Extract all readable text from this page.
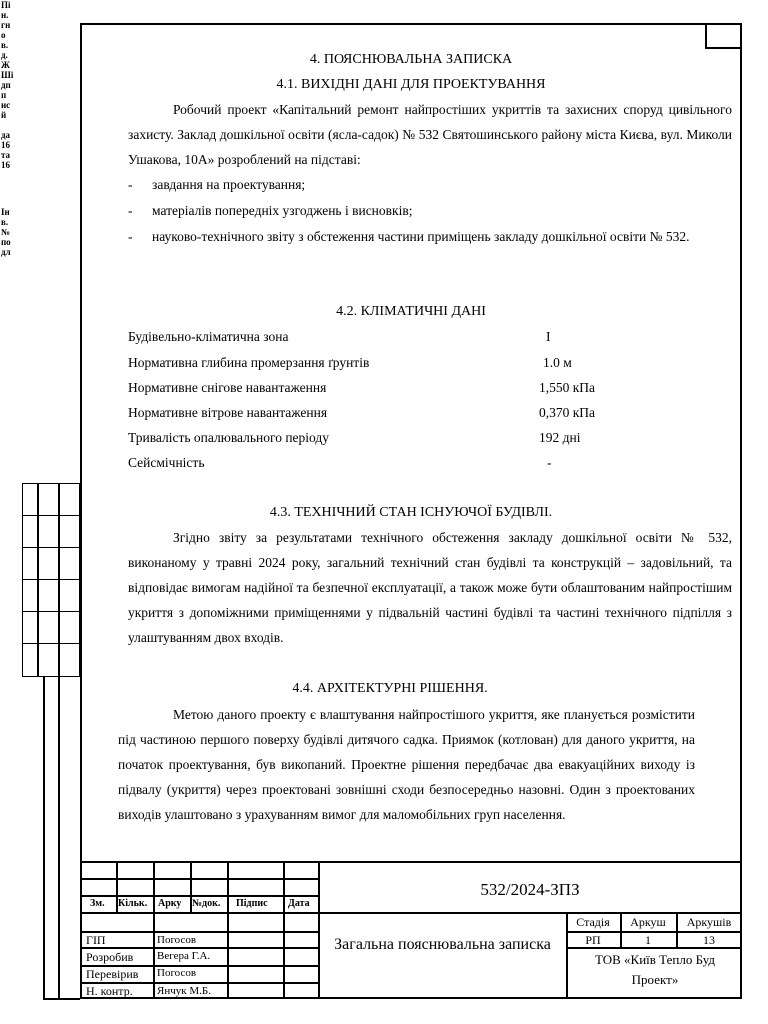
Пі
н.
гн
о
в.
д.
Ж
Ші
дп
п
ис
й

да
16
та
16
Ін
в.
№
по
дл
4. ПОЯСНЮВАЛЬНА ЗАПИСКА
4.1. ВИХІДНІ ДАНІ ДЛЯ ПРОЕКТУВАННЯ
Робочий проект «Капітальний ремонт найпростіших укриттів та захисних споруд цивільного захисту. Заклад дошкільної освіти (ясла-садок) № 532 Святошинського району міста Києва, вул. Миколи Ушакова, 10А» розроблений на підставі:
- завдання на проектування;
- матеріалів попередніх узгоджень і висновків;
- науково-технічного звіту з обстеження частини приміщень закладу дошкільної освіти № 532.
4.2. КЛІМАТИЧНІ ДАНІ
Будівельно-кліматична зона	I
Нормативна глибина промерзання ґрунтів	1.0 м
Нормативне снігове навантаження	1,550 кПа
Нормативне вітрове навантаження	0,370 кПа
Тривалість опалювального періоду	192 дні
Сейсмічність	-
4.3. ТЕХНІЧНИЙ СТАН ІСНУЮЧОЇ БУДІВЛІ.
Згідно звіту за результатами технічного обстеження закладу дошкільної освіти № 532, виконаному у травні 2024 року, загальний технічний стан будівлі та конструкцій – задовільний, та відповідає вимогам надійної та безпечної експлуатації, а також може бути облаштованим найпростішим укриття з допоміжними приміщеннями у підвальній частині будівлі та частині технічного підпілля з улаштуванням двох входів.
4.4. АРХІТЕКТУРНІ РІШЕННЯ.
Метою даного проекту є влаштування найпростішого укриття, яке планується розмістити під частиною першого поверху будівлі дитячого садка. Приямок (котлован) для даного укриття, на початок проектування, був викопаний. Проектне рішення передбачає два евакуаційних виходу із підвалу (укриття) через проектовані зовнішні сходи безпосередньо назовні. Один з проектованих виходів улаштовано з урахуванням вимог для маломобільних груп населення.
Зм. Кільк. Арку №док. Підпис Дата
ГІП	Погосов
Розробив Вегера Г.А.
Перевірив Погосов
Н. контр. Янчук М.Б.
532/2024-ЗПЗ
Загальна пояснювальна записка
Стадія	Аркуш	Аркушів
РП	1	13
ТОВ «Київ Тепло Буд Проект»
